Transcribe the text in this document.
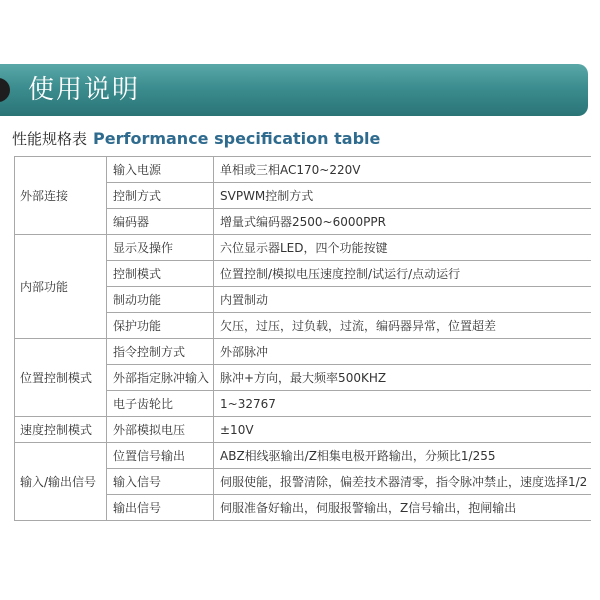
使用说明
性能规格表 Performance specification table
外部连接	输入电源	单相或三相AC170~220V
	控制方式	SVPWM控制方式
	编码器	增量式编码器2500~6000PPR
内部功能	显示及操作	六位显示器LED，四个功能按键
	控制模式	位置控制/模拟电压速度控制/试运行/点动运行
	制动功能	内置制动
	保护功能	欠压，过压，过负载，过流，编码器异常，位置超差
位置控制模式	指令控制方式	外部脉冲
	外部指定脉冲输入	脉冲+方向，最大频率500KHZ
	电子齿轮比	1~32767
速度控制模式	外部模拟电压	±10V
输入/输出信号	位置信号输出	ABZ相线驱输出/Z相集电极开路输出，分频比1/255
	输入信号	伺服使能，报警清除，偏差技术器清零，指令脉冲禁止，速度选择1/2
	输出信号	伺服准备好输出，伺服报警输出，Z信号输出，抱闸输出
